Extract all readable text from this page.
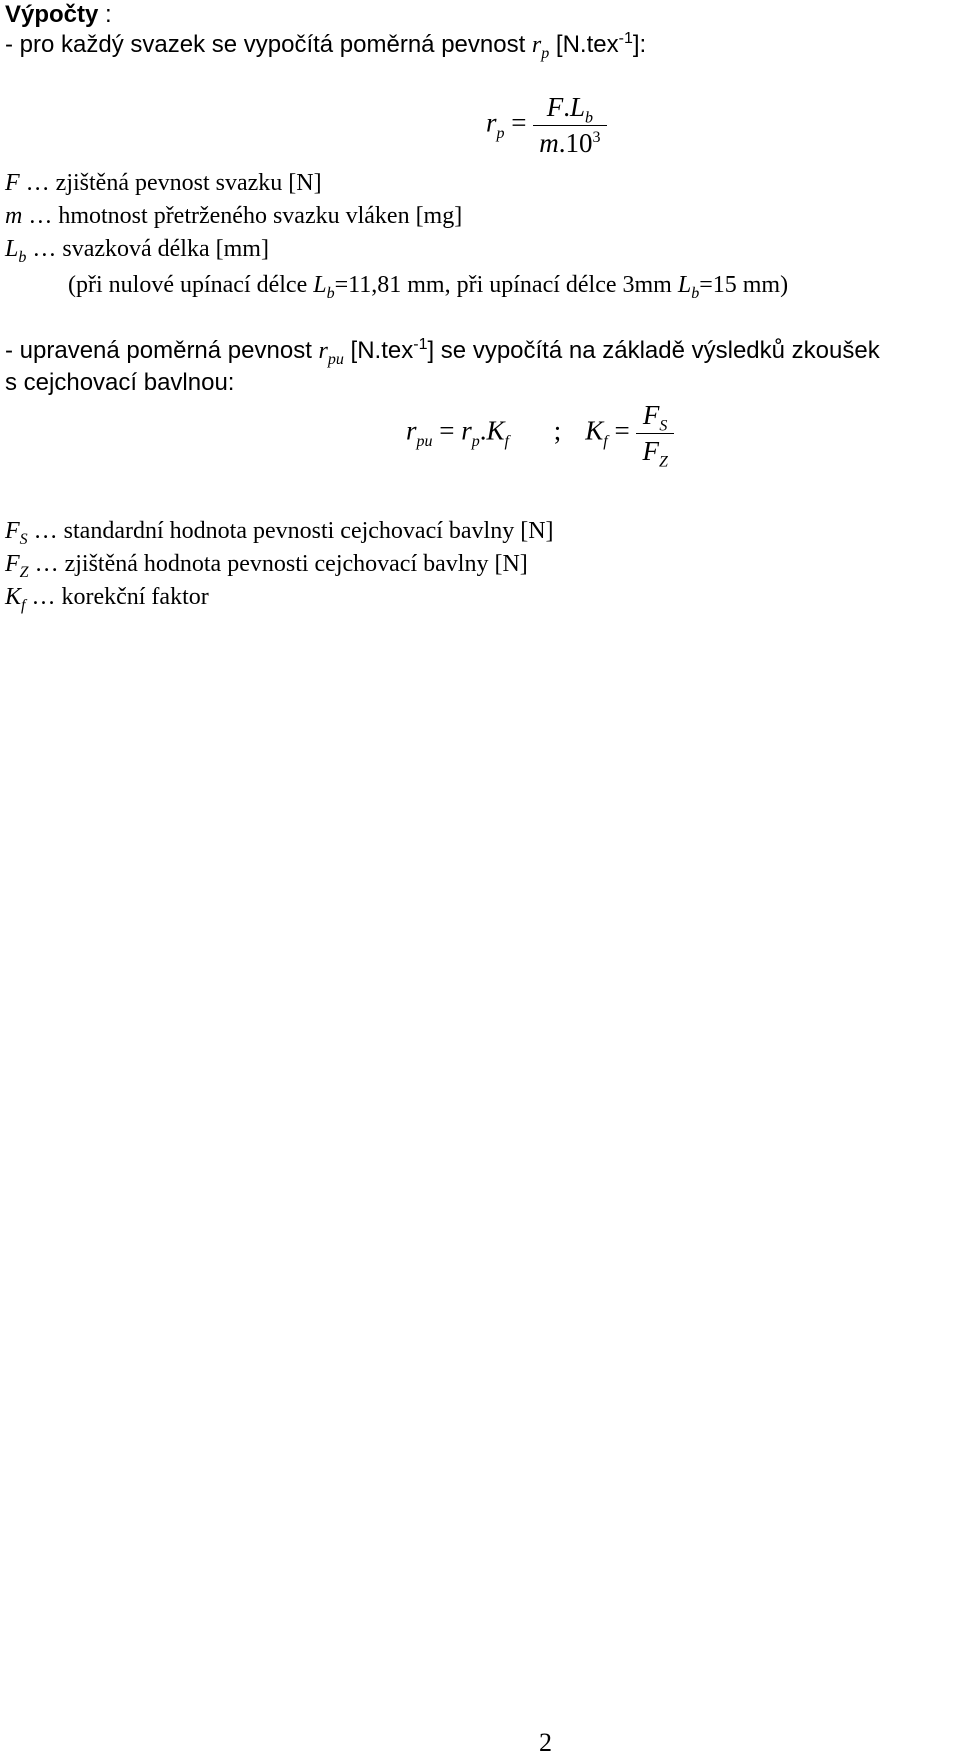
Výpočty :
- pro každý svazek se vypočítá poměrná pevnost $r_p$ [N.tex$^{-1}$]:
$r_p = \frac{F.L_b}{m.10^3}$
F … zjištěná pevnost svazku [N]
m … hmotnost přetrženého svazku vláken [mg]
$L_b$ … svazková délka [mm]
(při nulové upínací délce $L_b=11,81$ mm, při upínací délce 3mm $L_b=15$ mm)
- upravená poměrná pevnost $r_{pu}$ [N.tex$^{-1}$] se vypočítá na základě výsledků zkoušek
s cejchovací bavlnou:
$r_{pu} = r_p.K_f$ ; $K_f = \frac{F_S}{F_Z}$
$F_S$ … standardní hodnota pevnosti cejchovací bavlny [N]
$F_Z$ … zjištěná hodnota pevnosti cejchovací bavlny [N]
$K_f$ … korekční faktor
2
